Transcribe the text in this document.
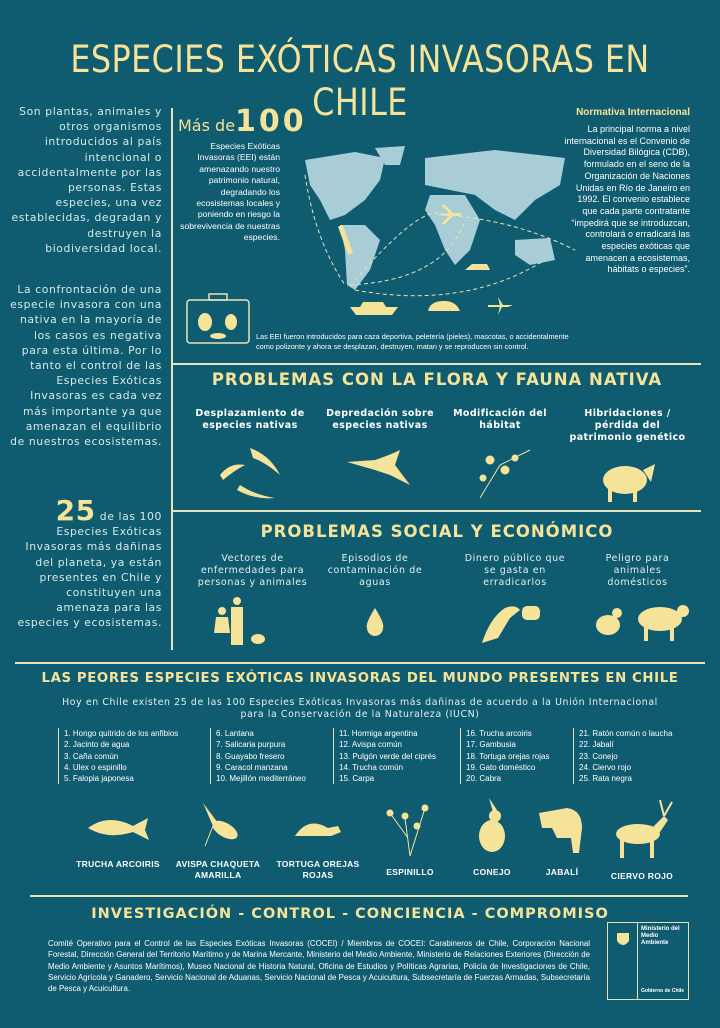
ESPECIES EXÓTICAS INVASORAS EN CHILE
Son plantas, animales y otros organismos introducidos al país intencional o accidentalmente por las personas. Estas especies, una vez establecidas, degradan y destruyen la biodiversidad local.
La confrontación de una especie invasora con una nativa en la mayoría de los casos es negativa para esta última. Por lo tanto el control de las Especies Exóticas Invasoras es cada vez más importante ya que amenazan el equilibrio de nuestros ecosistemas.
Más de100
Especies Exóticas Invasoras (EEI) están amenazando nuestro patrimonio natural, degradando los ecosistemas locales y poniendo en riesgo la sobrevivencia de nuestras especies.
Normativa Internacional
La principal norma a nivel internacional es el Convenio de Diversidad Bilógica (CDB), formulado en el seno de la Organización de Naciones Unidas en Río de Janeiro en 1992. El convenio establece que cada parte contratante “impedirá que se introduzcan, controlará o erradicará las especies exóticas que amenacen a ecosistemas, hábitats o especies”.
Las EEI fueron introducidos para caza deportiva, peletería (pieles), mascotas, o accidentalmente como polizonte y ahora se desplazan, destruyen, matan y se reproducen sin control.
PROBLEMAS CON LA FLORA Y FAUNA NATIVA
Desplazamiento de especies nativas
Depredación sobre especies nativas
Modificación del hábitat
Hibridaciones / pérdida del patrimonio genético
25 de las 100 Especies Exóticas Invasoras más dañinas del planeta, ya están presentes en Chile y constituyen una amenaza para las especies y ecosistemas.
PROBLEMAS SOCIAL Y ECONÓMICO
Vectores de enfermedades para personas y animales
Episodios de contaminación de aguas
Dinero público que se gasta en erradicarlos
Peligro para animales domésticos
LAS PEORES ESPECIES EXÓTICAS INVASORAS DEL MUNDO PRESENTES EN CHILE
Hoy en Chile existen 25 de las 100 Especies Exóticas Invasoras más dañinas de acuerdo a la Unión Internacional para la Conservación de la Naturaleza (IUCN)
1. Hongo quitrido de los anfibios
2. Jacinto de agua
3. Caña común
4. Ulex o espinillo
5. Falopia japonesa
6. Lantana
7. Salicaria purpura
8. Guayabo fresero
9. Caracol manzana
10. Mejillón mediterráneo
11. Hormiga argentina
12. Avispa común
13. Pulgón verde del ciprés
14. Trucha común
15. Carpa
16. Trucha arcoiris
17. Gambusia
18. Tortuga orejas rojas
19. Gato doméstico
20. Cabra
21. Ratón común o laucha
22. Jabalí
23. Conejo
24. Ciervo rojo
25. Rata negra
TRUCHA ARCOIRIS	AVISPA CHAQUETA AMARILLA
TORTUGA OREJAS ROJAS	ESPINILLO	CONEJO	JABALÍ	CIERVO ROJO
INVESTIGACIÓN - CONTROL - CONCIENCIA - COMPROMISO
Comité Operativo para el Control de las Especies Exóticas Invasoras (COCEI) / Miembros de COCEI: Carabineros de Chile, Corporación Nacional Forestal, Dirección General del Territorio Marítimo y de Marina Mercante, Ministerio del Medio Ambiente, Ministerio de Relaciones Exteriores (Dirección de Medio Ambiente y Asuntos Marítimos), Museo Nacional de Historia Natural, Oficina de Estudios y Políticas Agrarias, Policía de Investigaciones de Chile, Servicio Agrícola y Ganadero, Servicio Nacional de Aduanas, Servicio Nacional de Pesca y Acuicultura, Subsecretaría de Fuerzas Armadas, Subsecretaría de Pesca y Acuicultura.
Ministerio del Medio Ambiente
Gobierno de Chile
